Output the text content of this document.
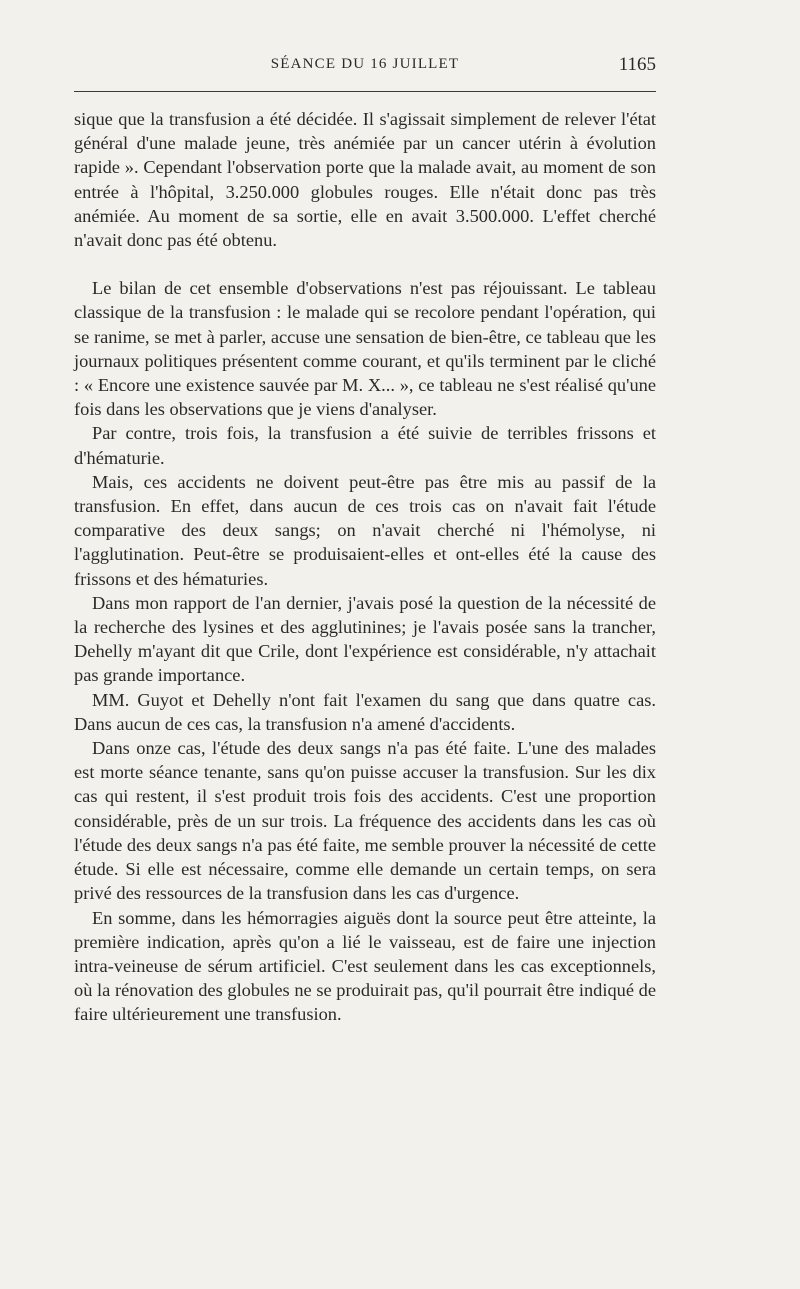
SÉANCE DU 16 JUILLET	1165

sique que la transfusion a été décidée. Il s'agissait simplement de relever l'état général d'une malade jeune, très anémiée par un cancer utérin à évolution rapide ». Cependant l'observation porte que la malade avait, au moment de son entrée à l'hôpital, 3.250.000 globules rouges. Elle n'était donc pas très anémiée. Au moment de sa sortie, elle en avait 3.500.000. L'effet cherché n'avait donc pas été obtenu.

Le bilan de cet ensemble d'observations n'est pas réjouissant. Le tableau classique de la transfusion : le malade qui se recolore pendant l'opération, qui se ranime, se met à parler, accuse une sensation de bien-être, ce tableau que les journaux politiques présentent comme courant, et qu'ils terminent par le cliché : « Encore une existence sauvée par M. X... », ce tableau ne s'est réalisé qu'une fois dans les observations que je viens d'analyser.

Par contre, trois fois, la transfusion a été suivie de terribles frissons et d'hématurie.

Mais, ces accidents ne doivent peut-être pas être mis au passif de la transfusion. En effet, dans aucun de ces trois cas on n'avait fait l'étude comparative des deux sangs; on n'avait cherché ni l'hémolyse, ni l'agglutination. Peut-être se produisaient-elles et ont-elles été la cause des frissons et des hématuries.

Dans mon rapport de l'an dernier, j'avais posé la question de la nécessité de la recherche des lysines et des agglutinines; je l'avais posée sans la trancher, Dehelly m'ayant dit que Crile, dont l'expérience est considérable, n'y attachait pas grande importance.

MM. Guyot et Dehelly n'ont fait l'examen du sang que dans quatre cas. Dans aucun de ces cas, la transfusion n'a amené d'accidents.

Dans onze cas, l'étude des deux sangs n'a pas été faite. L'une des malades est morte séance tenante, sans qu'on puisse accuser la transfusion. Sur les dix cas qui restent, il s'est produit trois fois des accidents. C'est une proportion considérable, près de un sur trois. La fréquence des accidents dans les cas où l'étude des deux sangs n'a pas été faite, me semble prouver la nécessité de cette étude. Si elle est nécessaire, comme elle demande un certain temps, on sera privé des ressources de la transfusion dans les cas d'urgence.

En somme, dans les hémorragies aiguës dont la source peut être atteinte, la première indication, après qu'on a lié le vaisseau, est de faire une injection intra-veineuse de sérum artificiel. C'est seulement dans les cas exceptionnels, où la rénovation des globules ne se produirait pas, qu'il pourrait être indiqué de faire ultérieurement une transfusion.
